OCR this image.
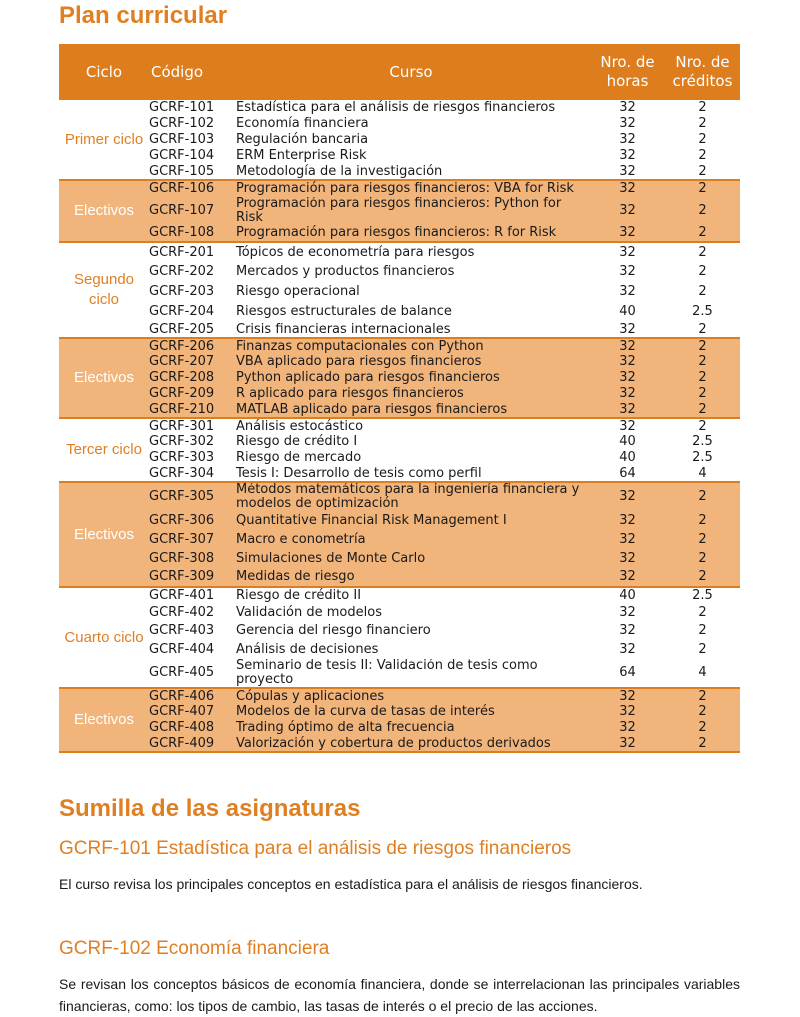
Plan curricular
Ciclo	Código	Curso	Nro. de horas	Nro. de créditos
Primer ciclo	GCRF-101	Estadística para el análisis de riesgos financieros	32	2
	GCRF-102	Economía financiera	32	2
	GCRF-103	Regulación bancaria	32	2
	GCRF-104	ERM Enterprise Risk	32	2
	GCRF-105	Metodología de la investigación	32	2
Electivos	GCRF-106	Programación para riesgos financieros: VBA for Risk	32	2
	GCRF-107	Programación para riesgos financieros: Python for Risk	32	2
	GCRF-108	Programación para riesgos financieros: R for Risk	32	2
Segundo ciclo	GCRF-201	Tópicos de econometría para riesgos	32	2
	GCRF-202	Mercados y productos financieros	32	2
	GCRF-203	Riesgo operacional	32	2
	GCRF-204	Riesgos estructurales de balance	40	2.5
	GCRF-205	Crisis financieras internacionales	32	2
Electivos	GCRF-206	Finanzas computacionales con Python	32	2
	GCRF-207	VBA aplicado para riesgos financieros	32	2
	GCRF-208	Python aplicado para riesgos financieros	32	2
	GCRF-209	R aplicado para riesgos financieros	32	2
	GCRF-210	MATLAB aplicado para riesgos financieros	32	2
Tercer ciclo	GCRF-301	Análisis estocástico	32	2
	GCRF-302	Riesgo de crédito I	40	2.5
	GCRF-303	Riesgo de mercado	40	2.5
	GCRF-304	Tesis I: Desarrollo de tesis como perfil	64	4
Electivos	GCRF-305	Métodos matemáticos para la ingeniería financiera y modelos de optimización	32	2
	GCRF-306	Quantitative Financial Risk Management I	32	2
	GCRF-307	Macro e conometría	32	2
	GCRF-308	Simulaciones de Monte Carlo	32	2
	GCRF-309	Medidas de riesgo	32	2
Cuarto ciclo	GCRF-401	Riesgo de crédito II	40	2.5
	GCRF-402	Validación de modelos	32	2
	GCRF-403	Gerencia del riesgo financiero	32	2
	GCRF-404	Análisis de decisiones	32	2
	GCRF-405	Seminario de tesis II: Validación de tesis como proyecto	64	4
Electivos	GCRF-406	Cópulas y aplicaciones	32	2
	GCRF-407	Modelos de la curva de tasas de interés	32	2
	GCRF-408	Trading óptimo de alta frecuencia	32	2
	GCRF-409	Valorización y cobertura de productos derivados	32	2
Sumilla de las asignaturas
GCRF-101 Estadística para el análisis de riesgos financieros

El curso revisa los principales conceptos en estadística para el análisis de riesgos financieros.

GCRF-102 Economía financiera

Se revisan los conceptos básicos de economía financiera, donde se interrelacionan las principales variables financieras, como: los tipos de cambio, las tasas de interés o el precio de las acciones.
